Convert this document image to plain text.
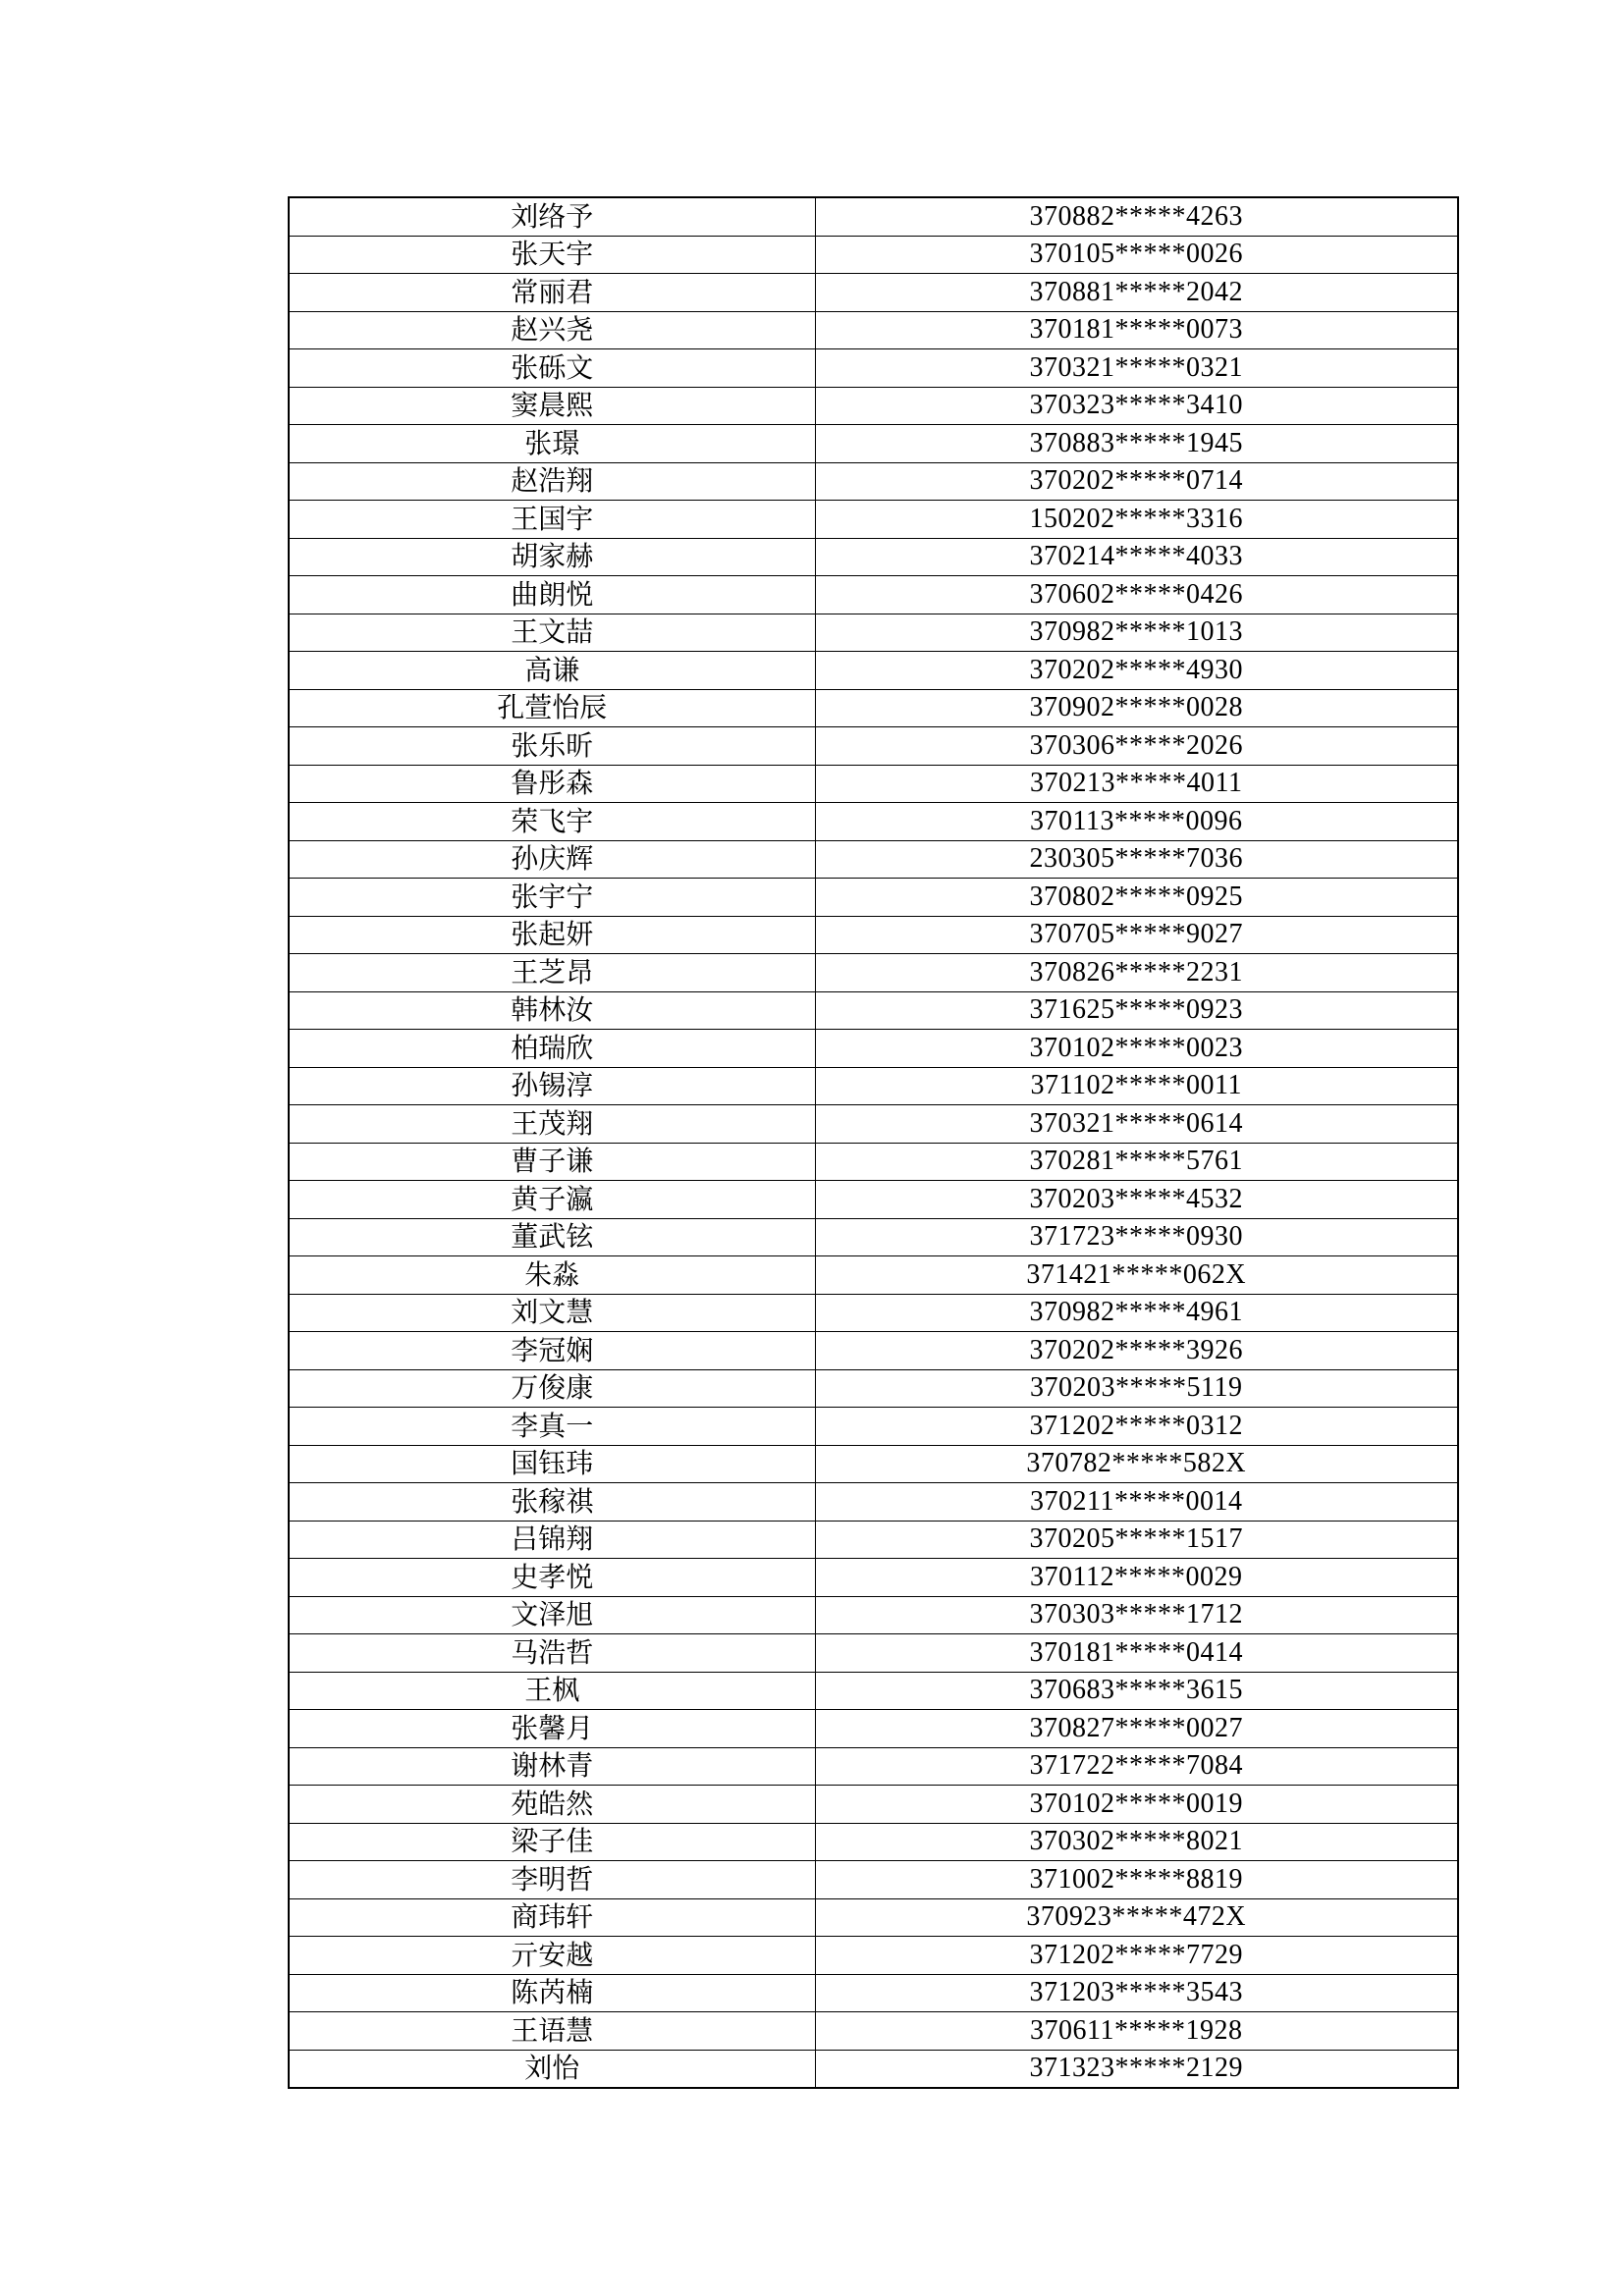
刘络予	370882*****4263
张天宇	370105*****0026
常丽君	370881*****2042
赵兴尧	370181*****0073
张砾文	370321*****0321
窦晨熙	370323*****3410
张璟	370883*****1945
赵浩翔	370202*****0714
王国宇	150202*****3316
胡家赫	370214*****4033
曲朗悦	370602*****0426
王文喆	370982*****1013
高谦	370202*****4930
孔萱怡辰	370902*****0028
张乐昕	370306*****2026
鲁彤森	370213*****4011
荣飞宇	370113*****0096
孙庆辉	230305*****7036
张宇宁	370802*****0925
张起妍	370705*****9027
王芝昂	370826*****2231
韩林汝	371625*****0923
柏瑞欣	370102*****0023
孙锡淳	371102*****0011
王茂翔	370321*****0614
曹子谦	370281*****5761
黄子瀛	370203*****4532
董武铉	371723*****0930
朱淼	371421*****062X
刘文慧	370982*****4961
李冠娴	370202*****3926
万俊康	370203*****5119
李真一	371202*****0312
国钰玮	370782*****582X
张稼祺	370211*****0014
吕锦翔	370205*****1517
史孝悦	370112*****0029
文泽旭	370303*****1712
马浩哲	370181*****0414
王枫	370683*****3615
张馨月	370827*****0027
谢林青	371722*****7084
苑皓然	370102*****0019
梁子佳	370302*****8021
李明哲	371002*****8819
商玮轩	370923*****472X
亓安越	371202*****7729
陈芮楠	371203*****3543
王语慧	370611*****1928
刘怡	371323*****2129
